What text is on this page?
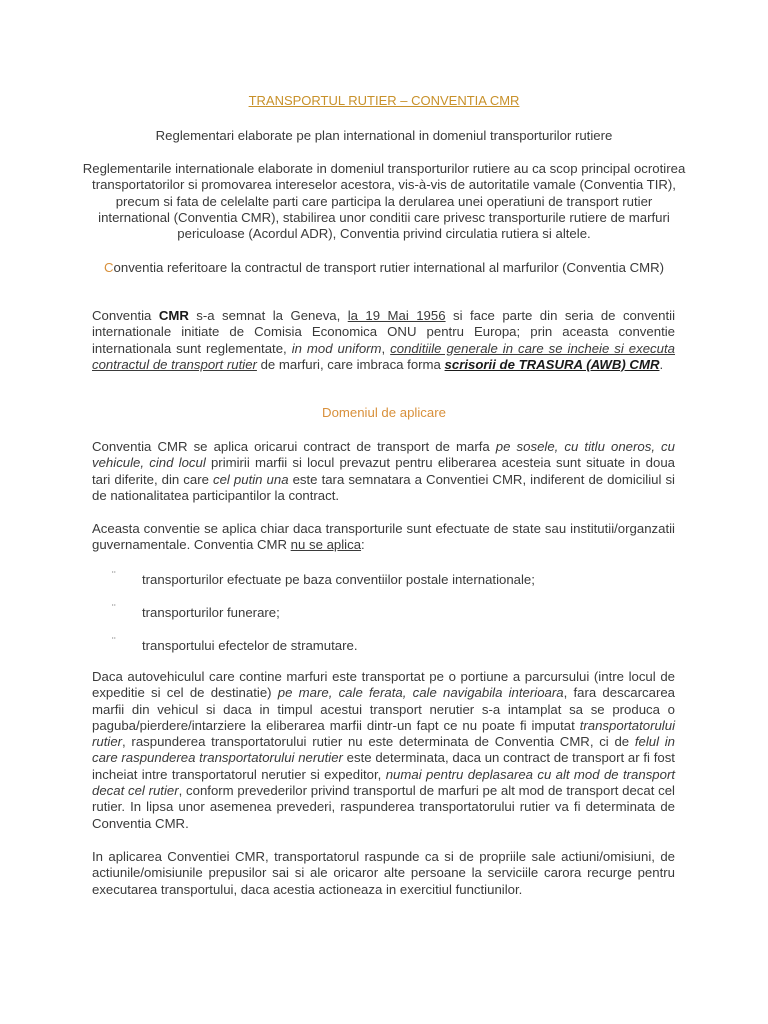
TRANSPORTUL RUTIER – CONVENTIA CMR
Reglementari elaborate pe plan international in domeniul transporturilor rutiere
Reglementarile internationale elaborate in domeniul transporturilor rutiere au ca scop principal ocrotirea transportatorilor si promovarea intereselor acestora, vis-à-vis de autoritatile vamale (Conventia TIR), precum si fata de celelalte parti care participa la derularea unei operatiuni de transport rutier international (Conventia CMR), stabilirea unor conditii care privesc transporturile rutiere de marfuri periculoase (Acordul ADR), Conventia privind circulatia rutiera si altele.
Conventia referitoare la contractul de transport rutier international al marfurilor (Conventia CMR)
Conventia CMR s-a semnat la Geneva, la 19 Mai 1956 si face parte din seria de conventii internationale initiate de Comisia Economica ONU pentru Europa; prin aceasta conventie internationala sunt reglementate, in mod uniform, conditiile generale in care se incheie si executa contractul de transport rutier de marfuri, care imbraca forma scrisorii de TRASURA (AWB) CMR.
Domeniul de aplicare
Conventia CMR se aplica oricarui contract de transport de marfa pe sosele, cu titlu oneros, cu vehicule, cind locul primirii marfii si locul prevazut pentru eliberarea acesteia sunt situate in doua tari diferite, din care cel putin una este tara semnatara a Conventiei CMR, indiferent de domiciliul si de nationalitatea participantilor la contract.
Aceasta conventie se aplica chiar daca transporturile sunt efectuate de state sau institutii/organzatii guvernamentale. Conventia CMR nu se aplica:
¨ transporturilor efectuate pe baza conventiilor postale internationale;
¨ transporturilor funerare;
¨ transportului efectelor de stramutare.
Daca autovehiculul care contine marfuri este transportat pe o portiune a parcursului (intre locul de expeditie si cel de destinatie) pe mare, cale ferata, cale navigabila interioara, fara descarcarea marfii din vehicul si daca in timpul acestui transport nerutier s-a intamplat sa se produca o paguba/pierdere/intarziere la eliberarea marfii dintr-un fapt ce nu poate fi imputat transportatorului rutier, raspunderea transportatorului rutier nu este determinata de Conventia CMR, ci de felul in care raspunderea transportatorului nerutier este determinata, daca un contract de transport ar fi fost incheiat intre transportatorul nerutier si expeditor, numai pentru deplasarea cu alt mod de transport decat cel rutier, conform prevederilor privind transportul de marfuri pe alt mod de transport decat cel rutier. In lipsa unor asemenea prevederi, raspunderea transportatorului rutier va fi determinata de Conventia CMR.
In aplicarea Conventiei CMR, transportatorul raspunde ca si de propriile sale actiuni/omisiuni, de actiunile/omisiunile prepusilor sai si ale oricaror alte persoane la serviciile carora recurge pentru executarea transportului, daca acestia actioneaza in exercitiul functiunilor.
